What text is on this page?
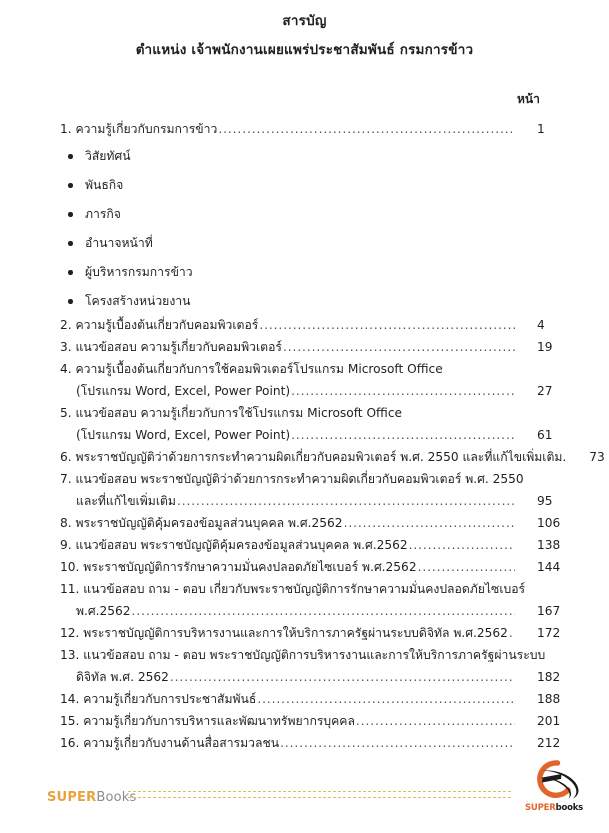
สารบัญ
ตำแหน่ง เจ้าพนักงานเผยแพร่ประชาสัมพันธ์ กรมการข้าว
หน้า
1. ความรู้เกี่ยวกับกรมการข้าว .....	1
วิสัยทัศน์
พันธกิจ
ภารกิจ
อำนาจหน้าที่
ผู้บริหารกรมการข้าว
โครงสร้างหน่วยงาน
2. ความรู้เบื้องต้นเกี่ยวกับคอมพิวเตอร์ .....	4
3. แนวข้อสอบ ความรู้เกี่ยวกับคอมพิวเตอร์ .....	19
4. ความรู้เบื้องต้นเกี่ยวกับการใช้คอมพิวเตอร์โปรแกรม Microsoft Office
(โปรแกรม Word, Excel, Power Point) .....	27
5. แนวข้อสอบ ความรู้เกี่ยวกับการใช้โปรแกรม Microsoft Office
(โปรแกรม Word, Excel, Power Point) .....	61
6. พระราชบัญญัติว่าด้วยการกระทำความผิดเกี่ยวกับคอมพิวเตอร์ พ.ศ. 2550 และที่แก้ไขเพิ่มเติม.	73
7. แนวข้อสอบ พระราชบัญญัติว่าด้วยการกระทำความผิดเกี่ยวกับคอมพิวเตอร์ พ.ศ. 2550
และที่แก้ไขเพิ่มเติม .....	95
8. พระราชบัญญัติคุ้มครองข้อมูลส่วนบุคคล พ.ศ.2562 .....	106
9. แนวข้อสอบ พระราชบัญญัติคุ้มครองข้อมูลส่วนบุคคล พ.ศ.2562 .....	138
10. พระราชบัญญัติการรักษาความมั่นคงปลอดภัยไซเบอร์ พ.ศ.2562 .....	144
11. แนวข้อสอบ ถาม - ตอบ เกี่ยวกับพระราชบัญญัติการรักษาความมั่นคงปลอดภัยไซเบอร์
พ.ศ.2562 .....	167
12. พระราชบัญญัติการบริหารงานและการให้บริการภาครัฐผ่านระบบดิจิทัล พ.ศ.2562 .....	172
13. แนวข้อสอบ ถาม - ตอบ พระราชบัญญัติการบริหารงานและการให้บริการภาครัฐผ่านระบบ
ดิจิทัล พ.ศ. 2562 .....	182
14. ความรู้เกี่ยวกับการประชาสัมพันธ์ .....	188
15. ความรู้เกี่ยวกับการบริหารและพัฒนาทรัพยากรบุคคล .....	201
16. ความรู้เกี่ยวกับงานด้านสื่อสารมวลชน .....	212
SUPERBooks
SUPERbooks
